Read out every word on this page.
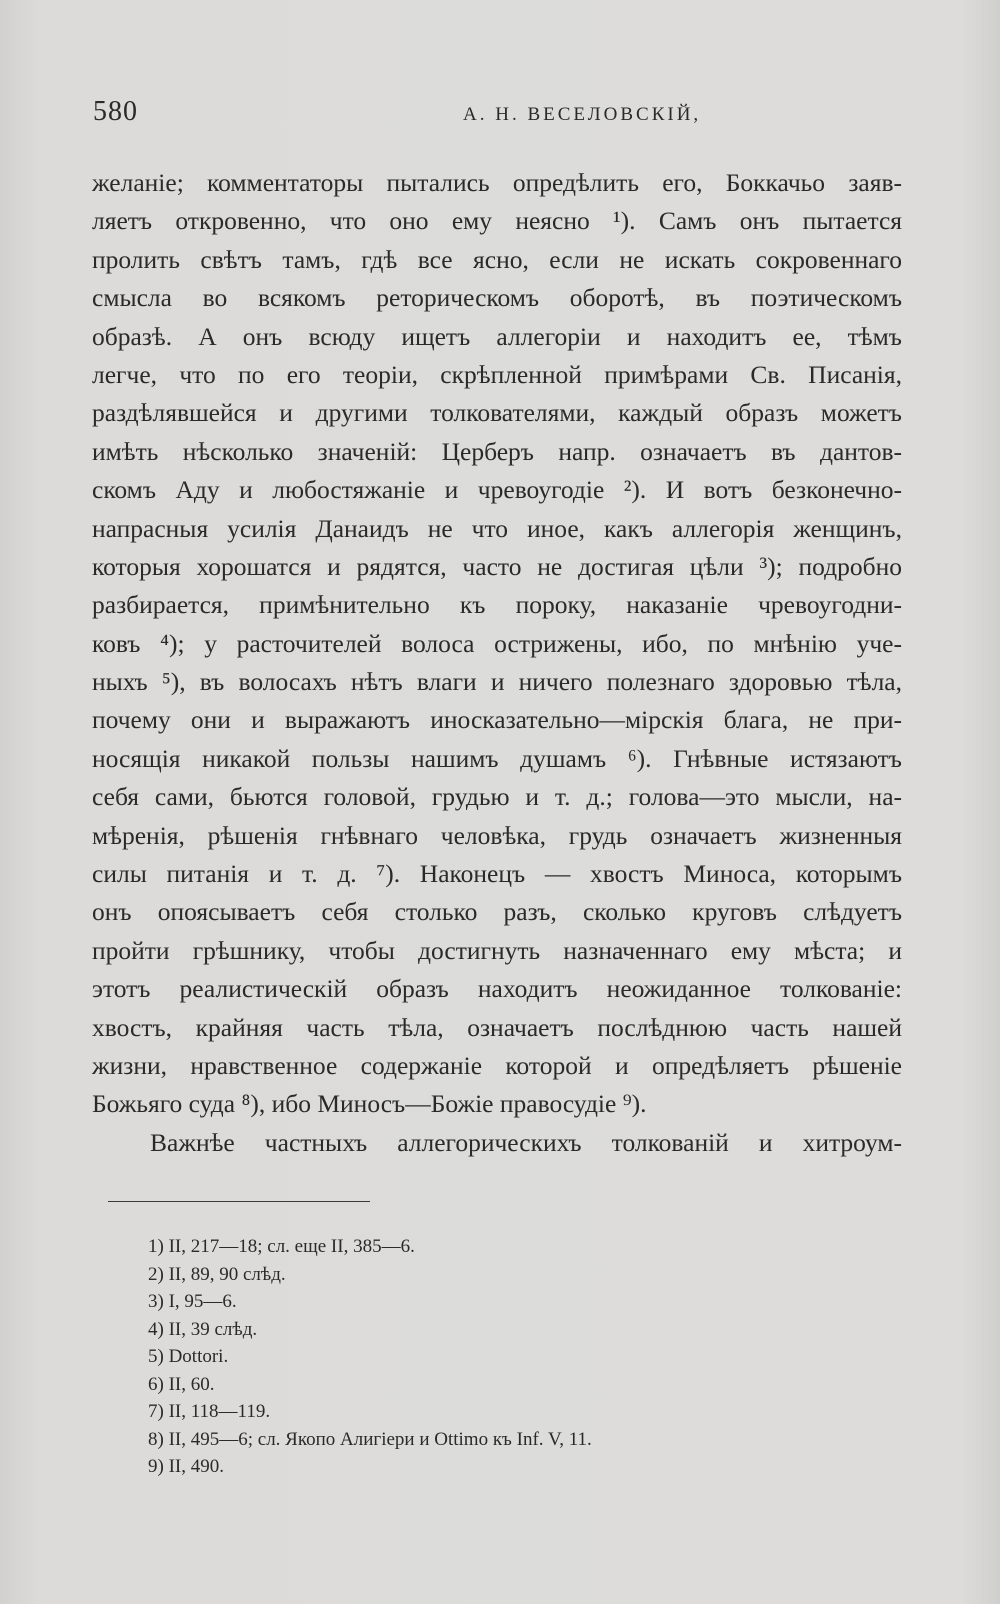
580	А. Н. ВЕСЕЛОВСКІЙ,
желаніе; комментаторы пытались опредѣлить его, Боккачьо заяв-
ляетъ откровенно, что оно ему неясно ¹). Самъ онъ пытается
пролить свѣтъ тамъ, гдѣ все ясно, если не искать сокровеннаго
смысла во всякомъ реторическомъ оборотѣ, въ поэтическомъ
образѣ. А онъ всюду ищетъ аллегоріи и находитъ ее, тѣмъ
легче, что по его теоріи, скрѣпленной примѣрами Св. Писанія,
раздѣлявшейся и другими толкователями, каждый образъ можетъ
имѣть нѣсколько значеній: Церберъ напр. означаетъ въ дантов-
скомъ Аду и любостяжаніе и чревоугодіе ²). И вотъ безконечно-
напрасныя усилія Данаидъ не что иное, какъ аллегорія женщинъ,
которыя хорошатся и рядятся, часто не достигая цѣли ³); подробно
разбирается, примѣнительно къ пороку, наказаніе чревоугодни-
ковъ ⁴); у расточителей волоса острижены, ибо, по мнѣнію уче-
ныхъ ⁵), въ волосахъ нѣтъ влаги и ничего полезнаго здоровью тѣла,
почему они и выражаютъ иносказательно—мірскія блага, не при-
носящія никакой пользы нашимъ душамъ ⁶). Гнѣвные истязаютъ
себя сами, бьются головой, грудью и т. д.; голова—это мысли, на-
мѣренія, рѣшенія гнѣвнаго человѣка, грудь означаетъ жизненныя
силы питанія и т. д. ⁷). Наконецъ — хвостъ Миноса, которымъ
онъ опоясываетъ себя столько разъ, сколько круговъ слѣдуетъ
пройти грѣшнику, чтобы достигнуть назначеннаго ему мѣста; и
этотъ реалистическій образъ находитъ неожиданное толкованіе:
хвостъ, крайняя часть тѣла, означаетъ послѣднюю часть нашей
жизни, нравственное содержаніе которой и опредѣляетъ рѣшеніе
Божьяго суда ⁸), ибо Миносъ—Божіе правосудіе ⁹).
Важнѣе частныхъ аллегорическихъ толкованій и хитроум-
1) II, 217—18; сл. еще II, 385—6.
2) II, 89, 90 слѣд.
3) I, 95—6.
4) II, 39 слѣд.
5) Dottori.
6) II, 60.
7) II, 118—119.
8) II, 495—6; сл. Якопо Алигіери и Ottimo къ Inf. V, 11.
9) II, 490.
